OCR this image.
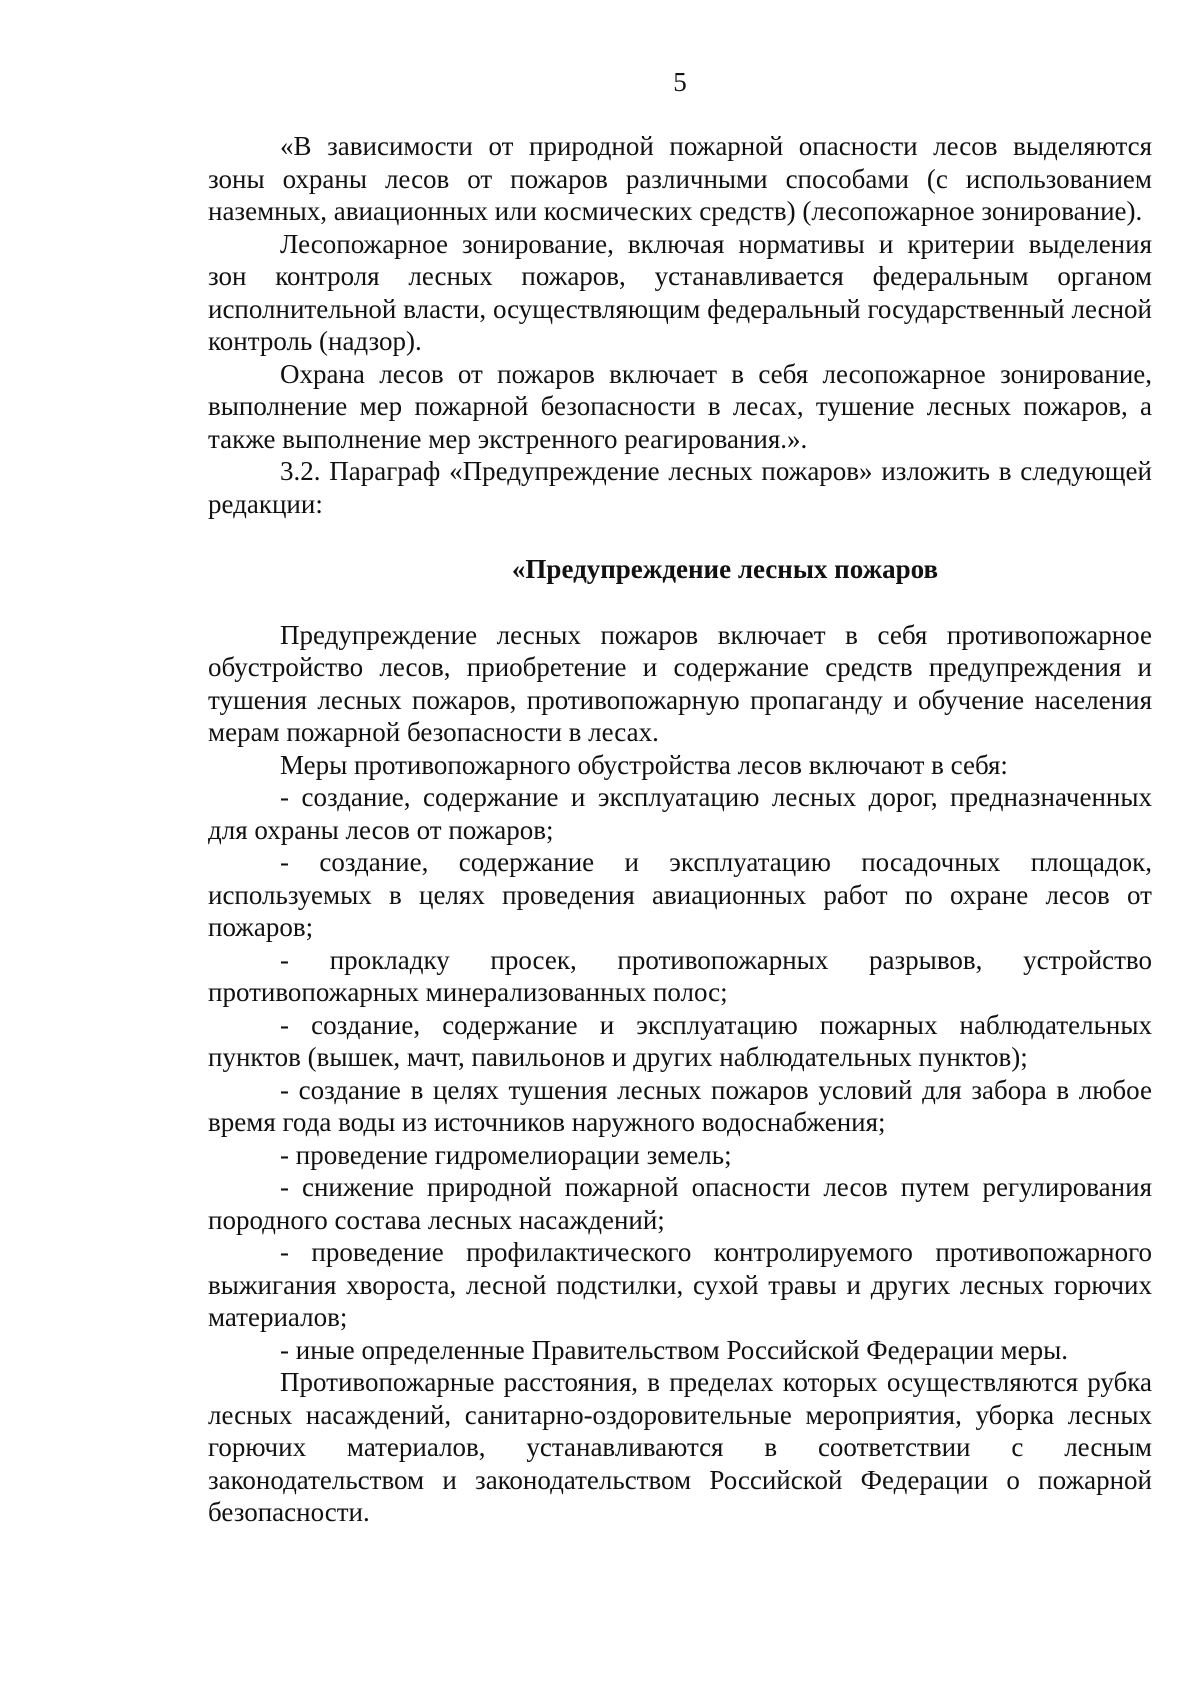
5

«В зависимости от природной пожарной опасности лесов выделяются зоны охраны лесов от пожаров различными способами (с использованием наземных, авиационных или космических средств) (лесопожарное зонирование).

Лесопожарное зонирование, включая нормативы и критерии выделения зон контроля лесных пожаров, устанавливается федеральным органом исполнительной власти, осуществляющим федеральный государственный лесной контроль (надзор).

Охрана лесов от пожаров включает в себя лесопожарное зонирование, выполнение мер пожарной безопасности в лесах, тушение лесных пожаров, а также выполнение мер экстренного реагирования.».

3.2. Параграф «Предупреждение лесных пожаров» изложить в следующей редакции:

«Предупреждение лесных пожаров

Предупреждение лесных пожаров включает в себя противопожарное обустройство лесов, приобретение и содержание средств предупреждения и тушения лесных пожаров, противопожарную пропаганду и обучение населения мерам пожарной безопасности в лесах.

Меры противопожарного обустройства лесов включают в себя:

- создание, содержание и эксплуатацию лесных дорог, предназначенных для охраны лесов от пожаров;

- создание, содержание и эксплуатацию посадочных площадок, используемых в целях проведения авиационных работ по охране лесов от пожаров;

- прокладку просек, противопожарных разрывов, устройство противопожарных минерализованных полос;

- создание, содержание и эксплуатацию пожарных наблюдательных пунктов (вышек, мачт, павильонов и других наблюдательных пунктов);

- создание в целях тушения лесных пожаров условий для забора в любое время года воды из источников наружного водоснабжения;

- проведение гидромелиорации земель;

- снижение природной пожарной опасности лесов путем регулирования породного состава лесных насаждений;

- проведение профилактического контролируемого противопожарного выжигания хвороста, лесной подстилки, сухой травы и других лесных горючих материалов;

- иные определенные Правительством Российской Федерации меры.

Противопожарные расстояния, в пределах которых осуществляются рубка лесных насаждений, санитарно-оздоровительные мероприятия, уборка лесных горючих материалов, устанавливаются в соответствии с лесным законодательством и законодательством Российской Федерации о пожарной безопасности.
